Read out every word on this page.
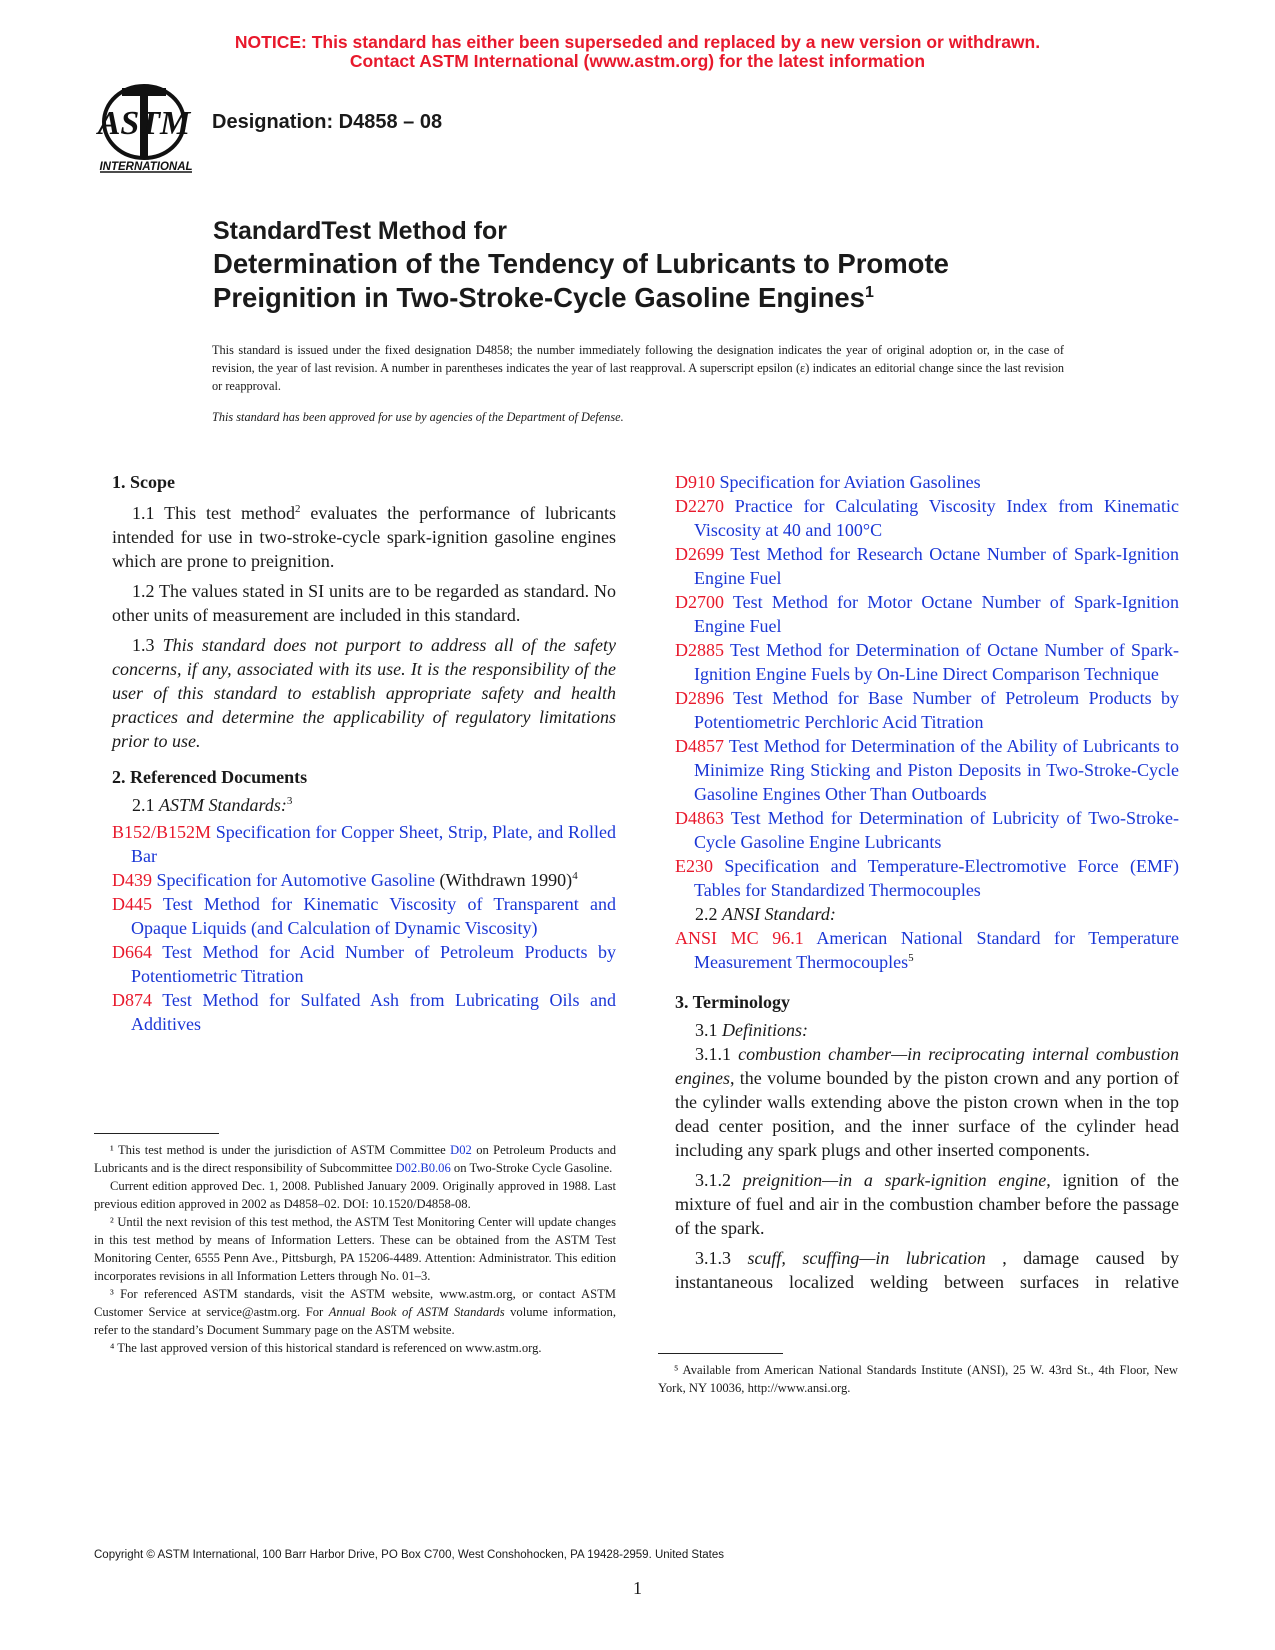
NOTICE: This standard has either been superseded and replaced by a new version or withdrawn.
Contact ASTM International (www.astm.org) for the latest information
ASTM
INTERNATIONAL
Designation: D4858 – 08
StandardTest Method for
Determination of the Tendency of Lubricants to Promote
Preignition in Two-Stroke-Cycle Gasoline Engines$^1$
This standard is issued under the fixed designation D4858; the number immediately following the designation indicates the year of original adoption or, in the case of revision, the year of last revision. A number in parentheses indicates the year of last reapproval. A superscript epsilon (ε) indicates an editorial change since the last revision or reapproval.
This standard has been approved for use by agencies of the Department of Defense.

1. Scope

1.1 This test method$^2$ evaluates the performance of lubricants intended for use in two-stroke-cycle spark-ignition gasoline engines which are prone to preignition.

1.2 The values stated in SI units are to be regarded as standard. No other units of measurement are included in this standard.

1.3 This standard does not purport to address all of the safety concerns, if any, associated with its use. It is the responsibility of the user of this standard to establish appropriate safety and health practices and determine the applicability of regulatory limitations prior to use.

2. Referenced Documents

2.1 ASTM Standards:$^3$

B152/B152M Specification for Copper Sheet, Strip, Plate, and Rolled Bar

D439 Specification for Automotive Gasoline (Withdrawn 1990)$^4$

D445 Test Method for Kinematic Viscosity of Transparent and Opaque Liquids (and Calculation of Dynamic Viscosity)

D664 Test Method for Acid Number of Petroleum Products by Potentiometric Titration

D874 Test Method for Sulfated Ash from Lubricating Oils and Additives

¹ This test method is under the jurisdiction of ASTM Committee D02 on Petroleum Products and Lubricants and is the direct responsibility of Subcommittee D02.B0.06 on Two-Stroke Cycle Gasoline.

Current edition approved Dec. 1, 2008. Published January 2009. Originally approved in 1988. Last previous edition approved in 2002 as D4858–02. DOI: 10.1520/D4858-08.

² Until the next revision of this test method, the ASTM Test Monitoring Center will update changes in this test method by means of Information Letters. These can be obtained from the ASTM Test Monitoring Center, 6555 Penn Ave., Pittsburgh, PA 15206-4489. Attention: Administrator. This edition incorporates revisions in all Information Letters through No. 01–3.

³ For referenced ASTM standards, visit the ASTM website, www.astm.org, or contact ASTM Customer Service at service@astm.org. For Annual Book of ASTM Standards volume information, refer to the standard’s Document Summary page on the ASTM website.

⁴ The last approved version of this historical standard is referenced on www.astm.org.

D910 Specification for Aviation Gasolines

D2270 Practice for Calculating Viscosity Index from Kinematic Viscosity at 40 and 100°C

D2699 Test Method for Research Octane Number of Spark-Ignition Engine Fuel

D2700 Test Method for Motor Octane Number of Spark-Ignition Engine Fuel

D2885 Test Method for Determination of Octane Number of Spark-Ignition Engine Fuels by On-Line Direct Comparison Technique

D2896 Test Method for Base Number of Petroleum Products by Potentiometric Perchloric Acid Titration

D4857 Test Method for Determination of the Ability of Lubricants to Minimize Ring Sticking and Piston Deposits in Two-Stroke-Cycle Gasoline Engines Other Than Outboards

D4863 Test Method for Determination of Lubricity of Two-Stroke-Cycle Gasoline Engine Lubricants

E230 Specification and Temperature-Electromotive Force (EMF) Tables for Standardized Thermocouples

2.2 ANSI Standard:

ANSI MC 96.1 American National Standard for Temperature Measurement Thermocouples$^5$

3. Terminology

3.1 Definitions:

3.1.1 combustion chamber—in reciprocating internal combustion engines, the volume bounded by the piston crown and any portion of the cylinder walls extending above the piston crown when in the top dead center position, and the inner surface of the cylinder head including any spark plugs and other inserted components.

3.1.2 preignition—in a spark-ignition engine, ignition of the mixture of fuel and air in the combustion chamber before the passage of the spark.

3.1.3 scuff, scuffing—in lubrication , damage caused by instantaneous localized welding between surfaces in relative

⁵ Available from American National Standards Institute (ANSI), 25 W. 43rd St., 4th Floor, New York, NY 10036, http://www.ansi.org.

Copyright © ASTM International, 100 Barr Harbor Drive, PO Box C700, West Conshohocken, PA 19428-2959. United States
1
